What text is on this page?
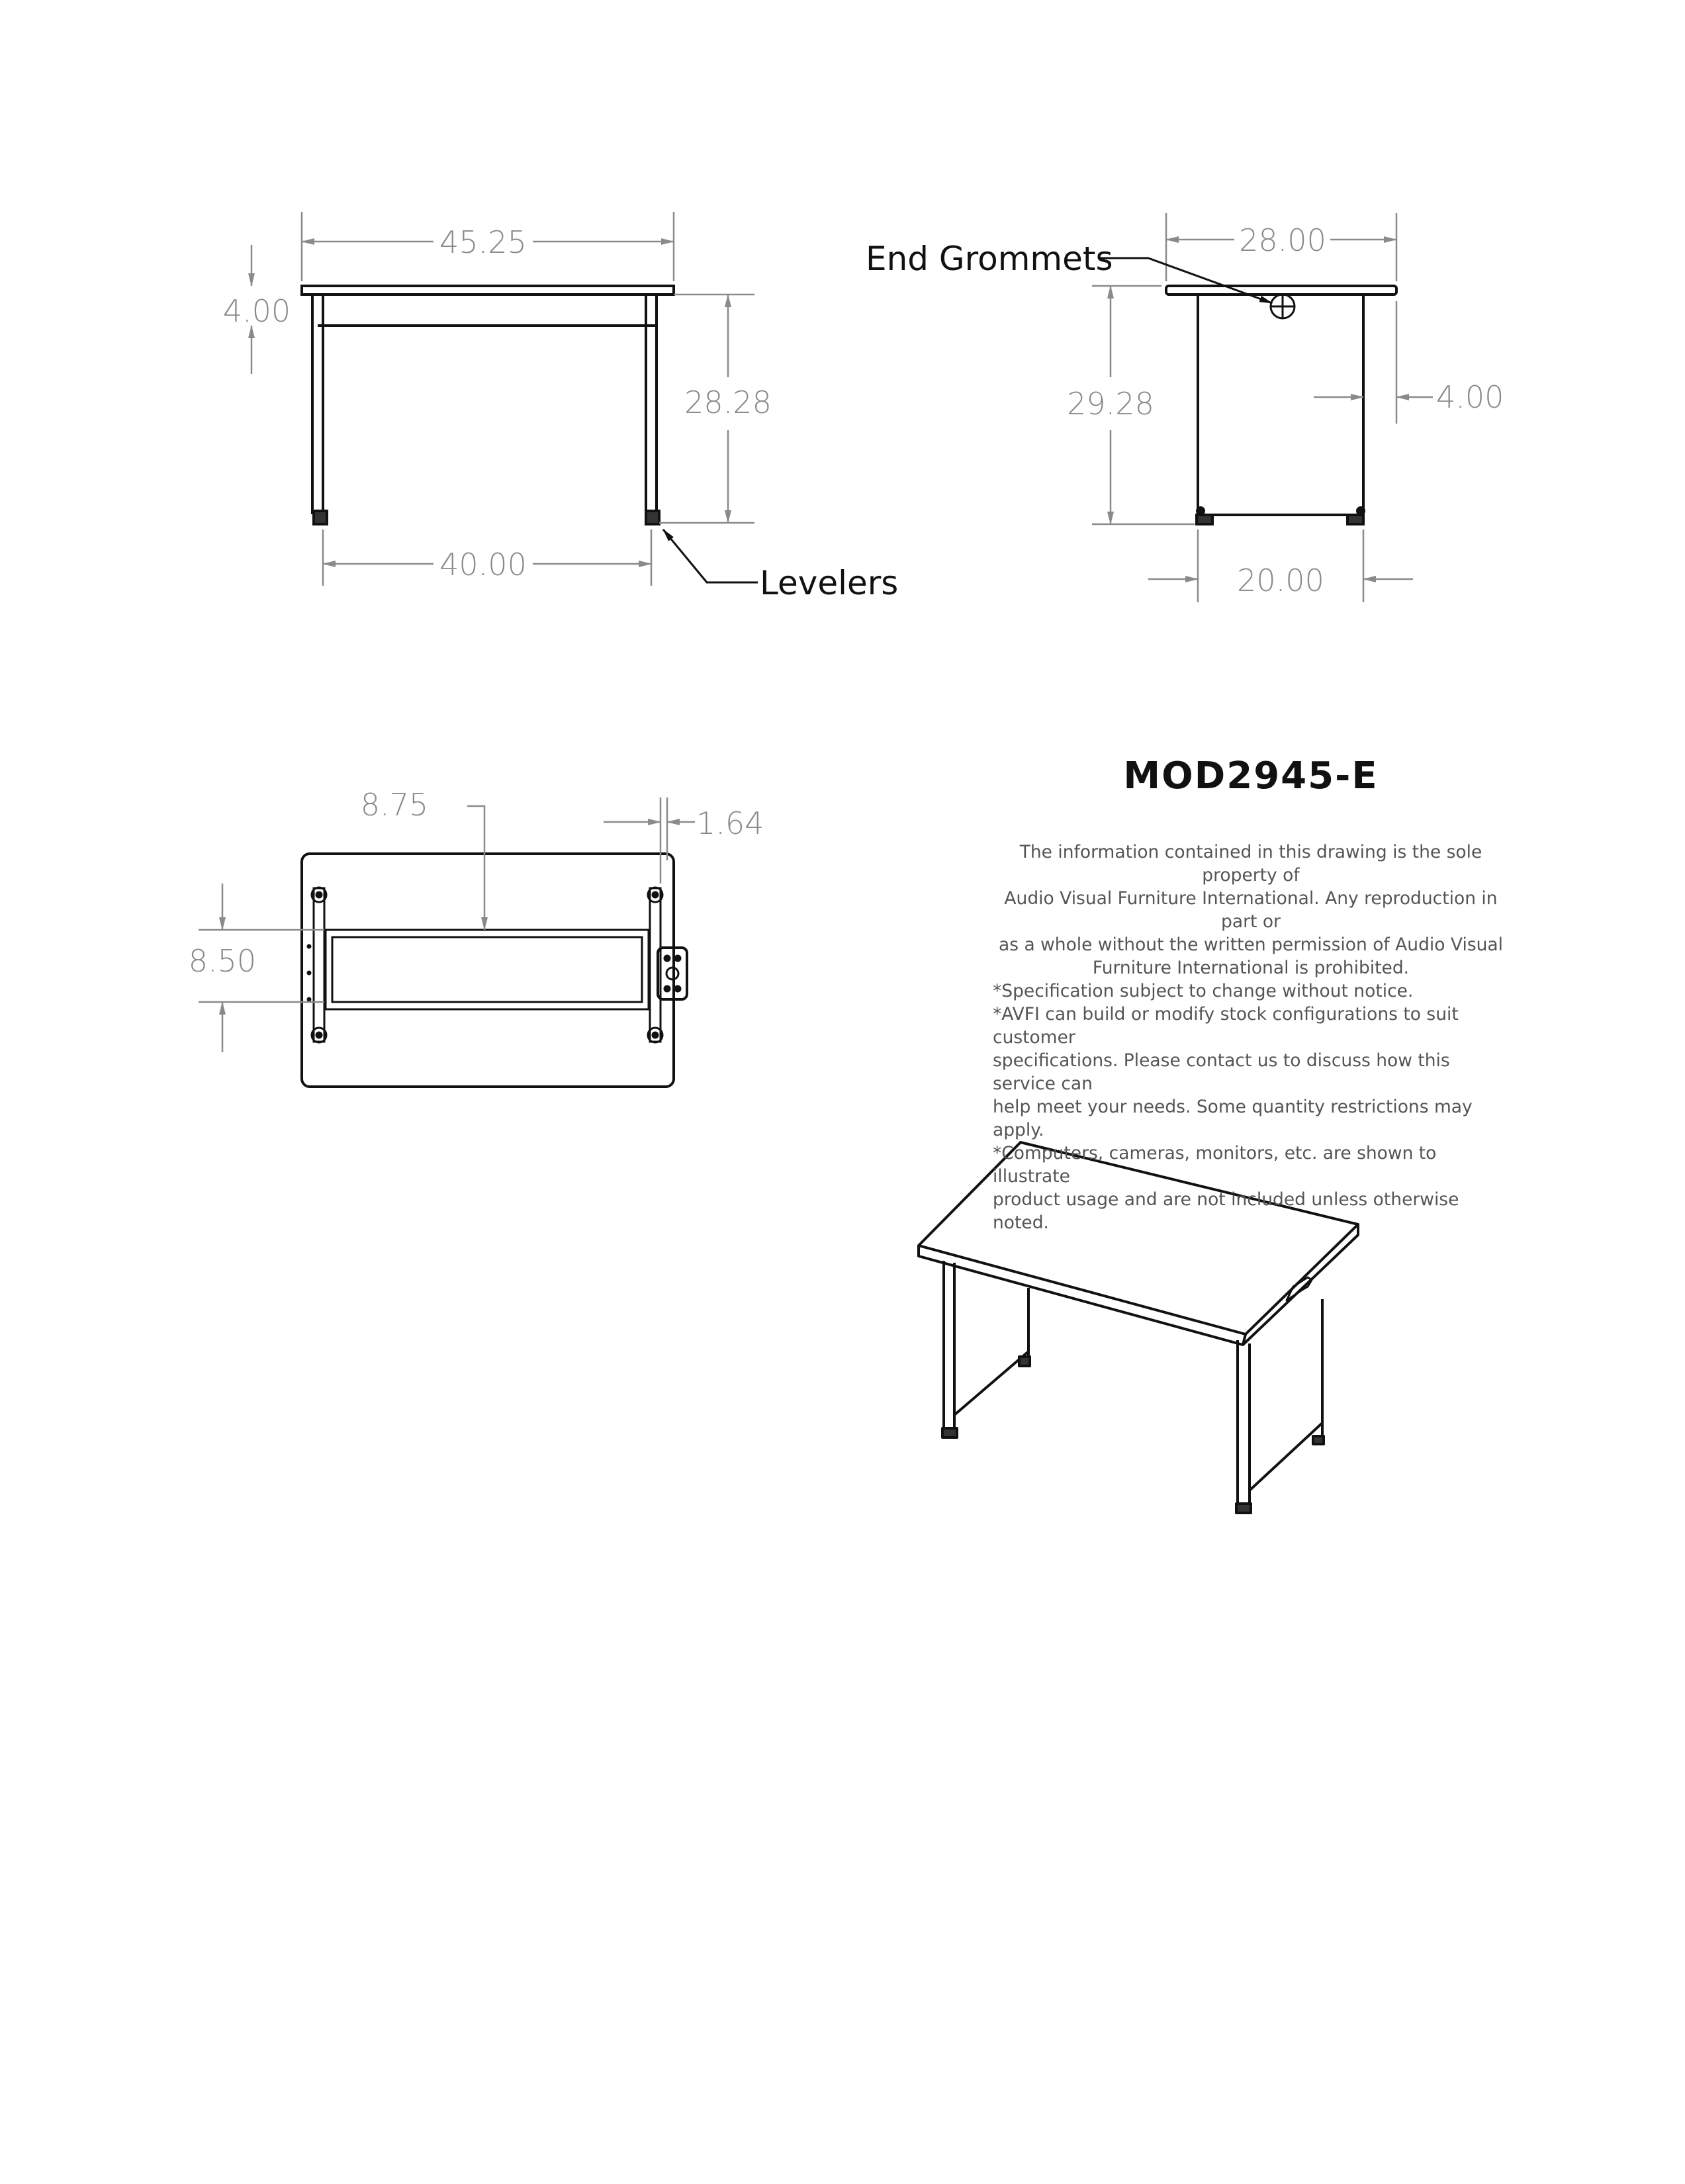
45.25
4.00
28.28
40.00	Levelers
28.00
29.28	4.00
20.00
End Grommets
8.75
1.64
8.50
MOD2945-E

The information contained in this drawing is the sole property of

Audio Visual Furniture International. Any reproduction in part or

as a whole without the written permission of Audio Visual

Furniture International is prohibited.

*Specification subject to change without notice.

*AVFI can build or modify stock configurations to suit customer

specifications. Please contact us to discuss how this service can

help meet your needs. Some quantity restrictions may apply.

*Computers, cameras, monitors, etc. are shown to illustrate

product usage and are not included unless otherwise noted.
